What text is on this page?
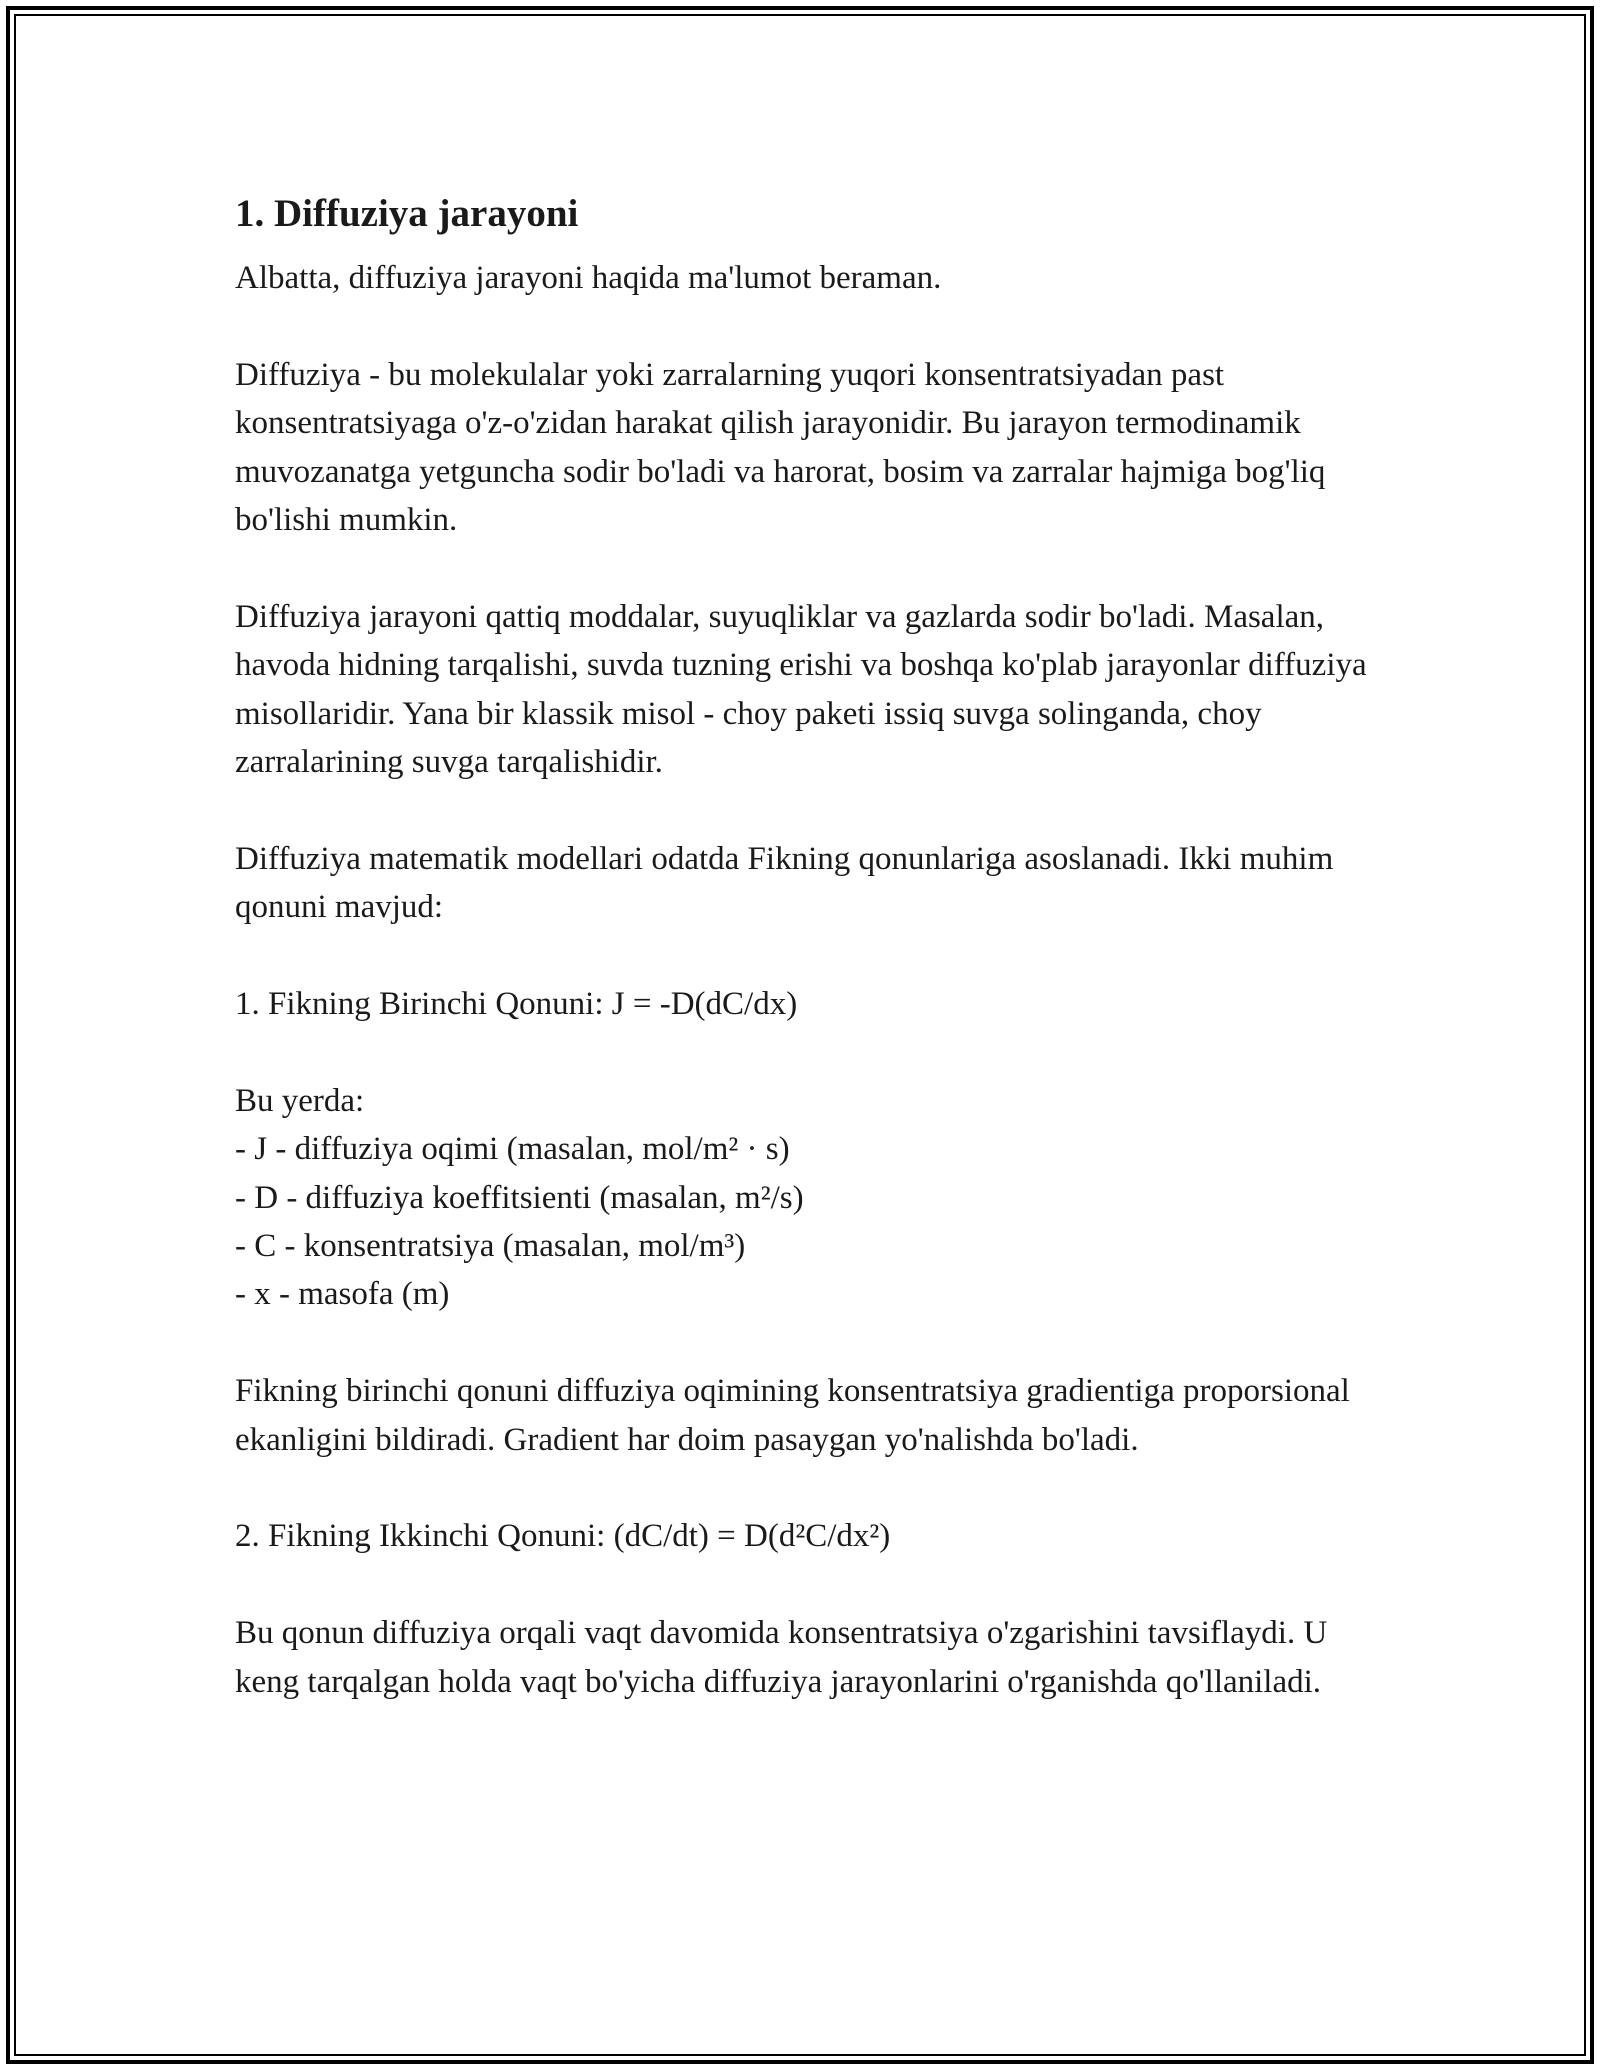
1. Diffuziya jarayoni

Albatta, diffuziya jarayoni haqida ma'lumot beraman.

Diffuziya - bu molekulalar yoki zarralarning yuqori konsentratsiyadan past konsentratsiyaga o'z-o'zidan harakat qilish jarayonidir. Bu jarayon termodinamik muvozanatga yetguncha sodir bo'ladi va harorat, bosim va zarralar hajmiga bog'liq bo'lishi mumkin.

Diffuziya jarayoni qattiq moddalar, suyuqliklar va gazlarda sodir bo'ladi. Masalan, havoda hidning tarqalishi, suvda tuzning erishi va boshqa ko'plab jarayonlar diffuziya misollaridir. Yana bir klassik misol - choy paketi issiq suvga solinganda, choy zarralarining suvga tarqalishidir.

Diffuziya matematik modellari odatda Fikning qonunlariga asoslanadi. Ikki muhim qonuni mavjud:

1. Fikning Birinchi Qonuni: J = -D(dC/dx)

Bu yerda:

- J - diffuziya oqimi (masalan, mol/m² · s)

- D - diffuziya koeffitsienti (masalan, m²/s)

- C - konsentratsiya (masalan, mol/m³)

- x - masofa (m)

Fikning birinchi qonuni diffuziya oqimining konsentratsiya gradientiga proporsional ekanligini bildiradi. Gradient har doim pasaygan yo'nalishda bo'ladi.

2. Fikning Ikkinchi Qonuni: (dC/dt) = D(d²C/dx²)

Bu qonun diffuziya orqali vaqt davomida konsentratsiya o'zgarishini tavsiflaydi. U keng tarqalgan holda vaqt bo'yicha diffuziya jarayonlarini o'rganishda qo'llaniladi.
